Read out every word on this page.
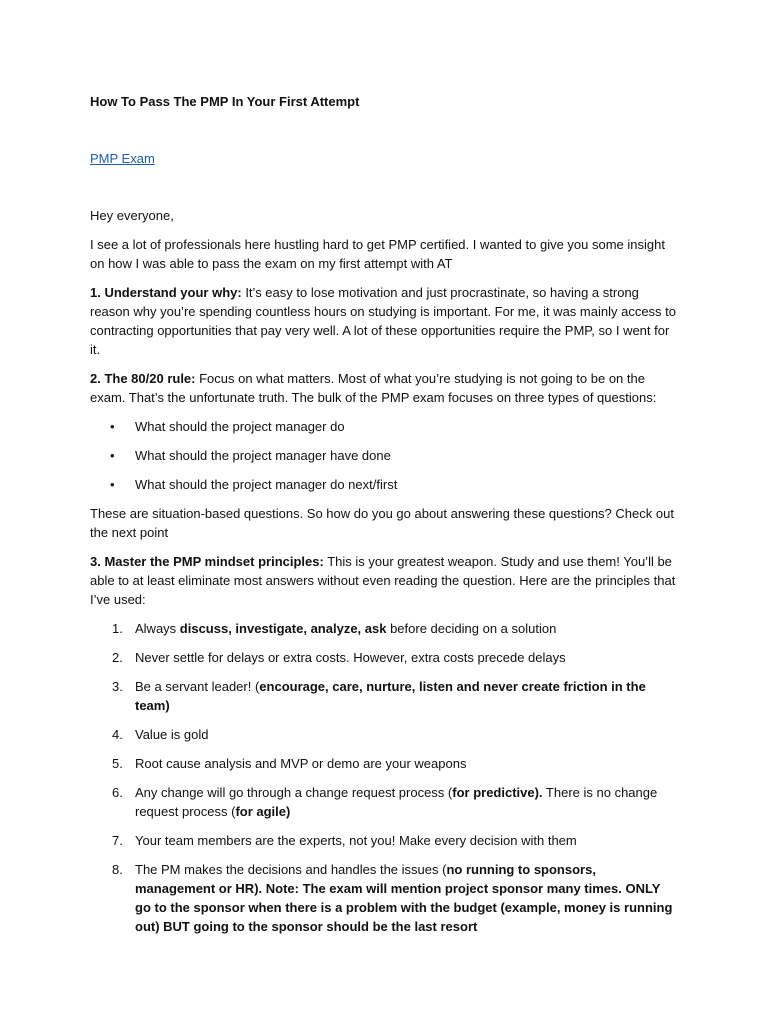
How To Pass The PMP In Your First Attempt

PMP Exam

Hey everyone,

I see a lot of professionals here hustling hard to get PMP certified. I wanted to give you some insight on how I was able to pass the exam on my first attempt with AT

1. Understand your why: It’s easy to lose motivation and just procrastinate, so having a strong reason why you’re spending countless hours on studying is important. For me, it was mainly access to contracting opportunities that pay very well. A lot of these opportunities require the PMP, so I went for it.

2. The 80/20 rule: Focus on what matters. Most of what you’re studying is not going to be on the exam. That’s the unfortunate truth. The bulk of the PMP exam focuses on three types of questions:

• What should the project manager do
• What should the project manager have done
• What should the project manager do next/first

These are situation-based questions. So how do you go about answering these questions? Check out the next point

3. Master the PMP mindset principles: This is your greatest weapon. Study and use them! You’ll be able to at least eliminate most answers without even reading the question. Here are the principles that I’ve used:

1. Always discuss, investigate, analyze, ask before deciding on a solution
2. Never settle for delays or extra costs. However, extra costs precede delays
3. Be a servant leader! (encourage, care, nurture, listen and never create friction in the team)
4. Value is gold
5. Root cause analysis and MVP or demo are your weapons
6. Any change will go through a change request process (for predictive). There is no change request process (for agile)
7. Your team members are the experts, not you! Make every decision with them
8. The PM makes the decisions and handles the issues (no running to sponsors, management or HR). Note: The exam will mention project sponsor many times. ONLY go to the sponsor when there is a problem with the budget (example, money is running out) BUT going to the sponsor should be the last resort
